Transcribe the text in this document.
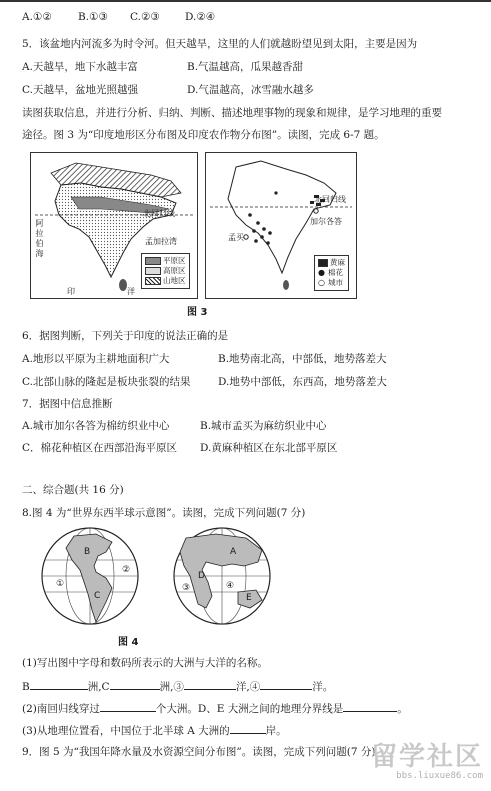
A.①②	B.①③ C.②③ D.②④
5．该盆地内河流多为时令河。但天越旱，这里的人们就越盼望见到太阳，主要是因为
A.天越旱，地下水越丰富	B.气温越高，瓜果越香甜
C.天越旱，盆地光照越强	D.气温越高，冰雪融水越多
读图获取信息，并进行分析、归纳、判断、描述地理事物的现象和规律，是学习地理的重要
途径。图 3 为“印度地形区分布图及印度农作物分布图”。读图，完成 6-7 题。
阿拉伯海
北回归线
孟加拉湾
印	洋
平原区
高原区
山地区
北回归线
孟买
加尔各答
黄麻
● 棉花
○ 城市
图 3
6．据图判断，下列关于印度的说法正确的是
A.地形以平原为主耕地面积广大	B.地势南北高，中部低，地势落差大
C.北部山脉的隆起是板块张裂的结果	D.地势中部低，东西高，地势落差大
7．据图中信息推断
A.城市加尔各答为棉纺织业中心	B.城市孟买为麻纺织业中心
C．棉花种植区在西部沿海平原区 D.黄麻种植区在东北部平原区
二、综合题(共 16 分)
8.图 4 为“世界东西半球示意图”。读图，完成下列问题(7 分)
B
C
①
②
A
D
E
③	④
图 4
(1)写出图中字母和数码所表示的大洲与大洋的名称。
B	洲,C	洲,③	洋,④	洋。
(2)南回归线穿过	个大洲。D、E 大洲之间的地理分界线是	。
(3)从地理位置看，中国位于北半球 A 大洲的	岸。
9．图 5 为“我国年降水量及水资源空间分布图”。读图，完成下列问题(7 分)
留学社区
bbs.liuxue86.com
